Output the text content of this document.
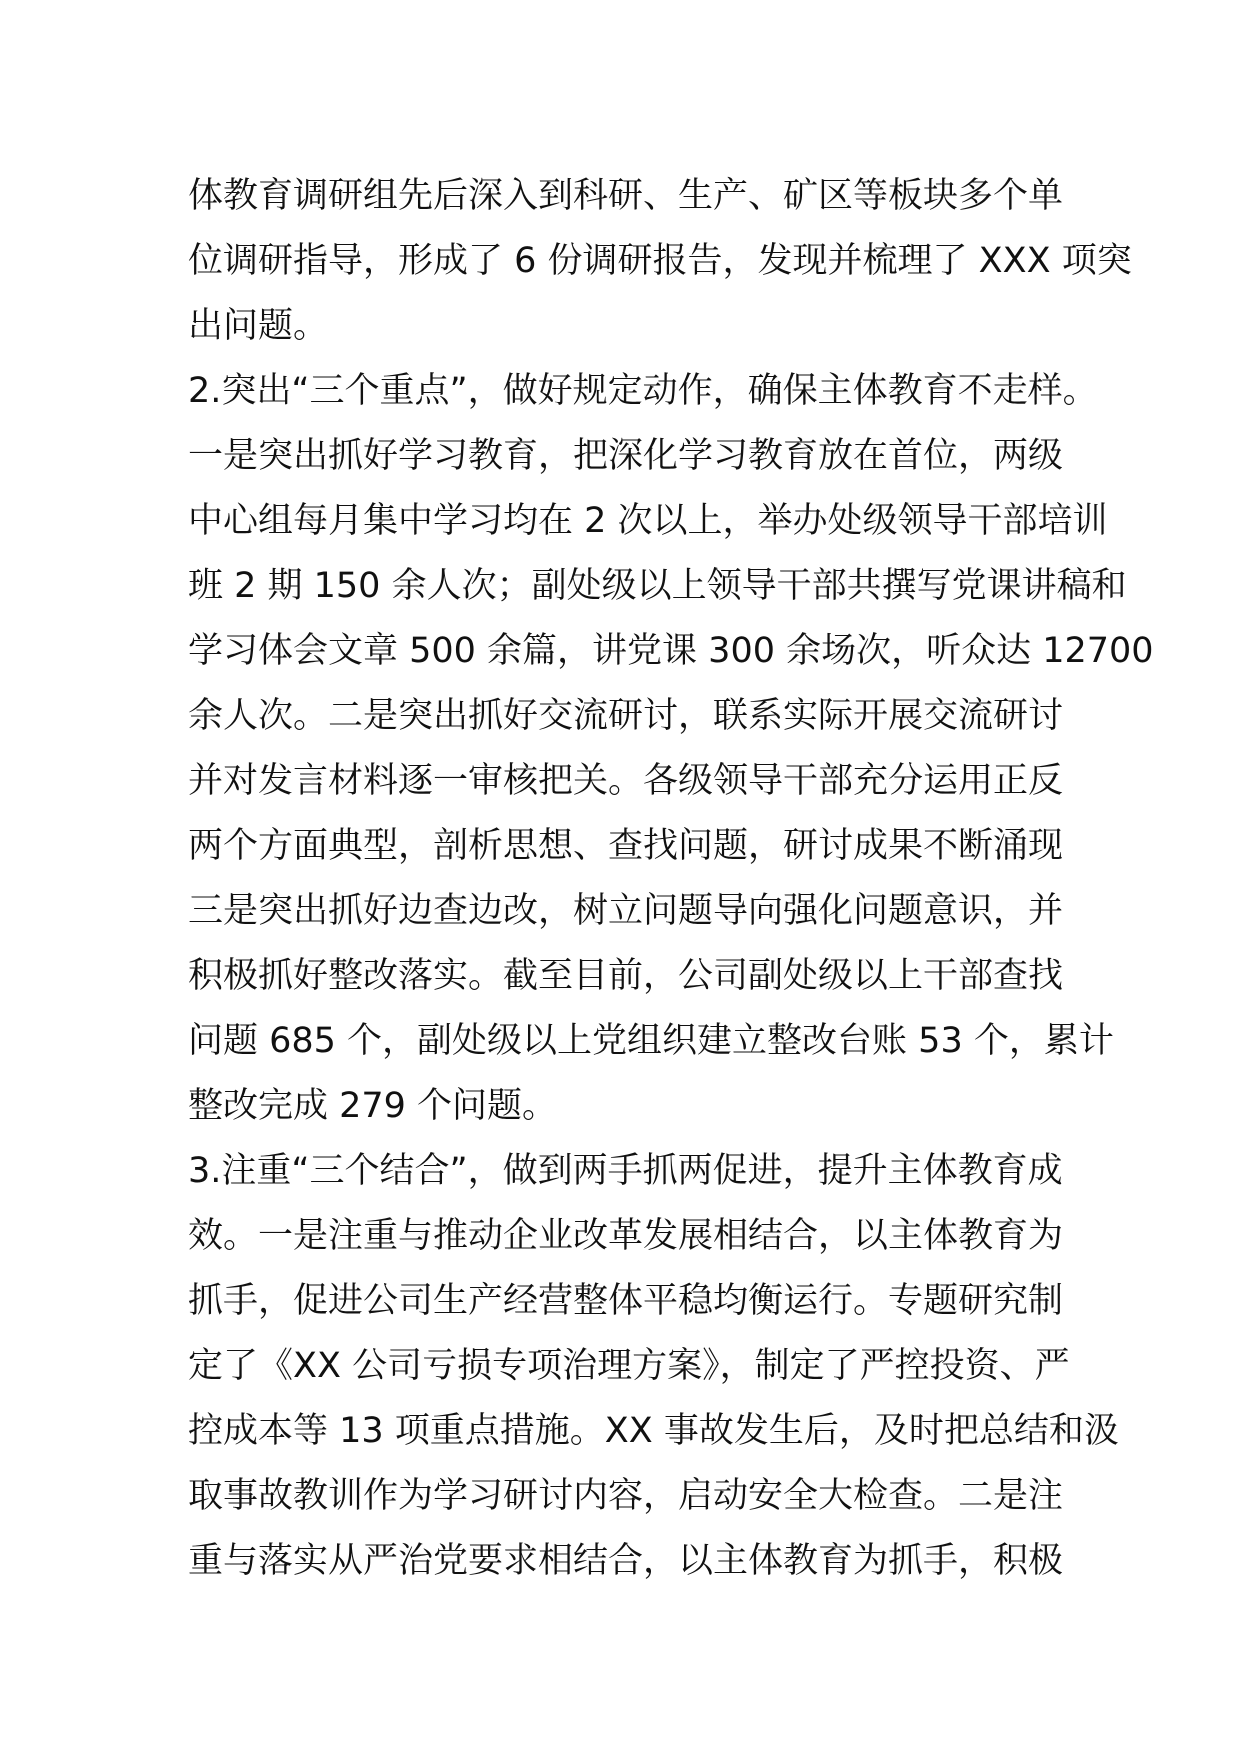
体教育调研组先后深入到科研、生产、矿区等板块多个单
位调研指导，形成了 6 份调研报告，发现并梳理了 XXX 项突
出问题。
2.突出“三个重点”，做好规定动作，确保主体教育不走样。
一是突出抓好学习教育，把深化学习教育放在首位，两级
中心组每月集中学习均在 2 次以上，举办处级领导干部培训
班 2 期 150 余人次；副处级以上领导干部共撰写党课讲稿和
学习体会文章 500 余篇，讲党课 300 余场次，听众达 12700
余人次。二是突出抓好交流研讨，联系实际开展交流研讨
并对发言材料逐一审核把关。各级领导干部充分运用正反
两个方面典型，剖析思想、查找问题，研讨成果不断涌现
三是突出抓好边查边改，树立问题导向强化问题意识，并
积极抓好整改落实。截至目前，公司副处级以上干部查找
问题 685 个，副处级以上党组织建立整改台账 53 个，累计
整改完成 279 个问题。
3.注重“三个结合”，做到两手抓两促进，提升主体教育成
效。一是注重与推动企业改革发展相结合，以主体教育为
抓手，促进公司生产经营整体平稳均衡运行。专题研究制
定了《XX 公司亏损专项治理方案》，制定了严控投资、严
控成本等 13 项重点措施。XX 事故发生后，及时把总结和汲
取事故教训作为学习研讨内容，启动安全大检查。二是注
重与落实从严治党要求相结合，以主体教育为抓手，积极
